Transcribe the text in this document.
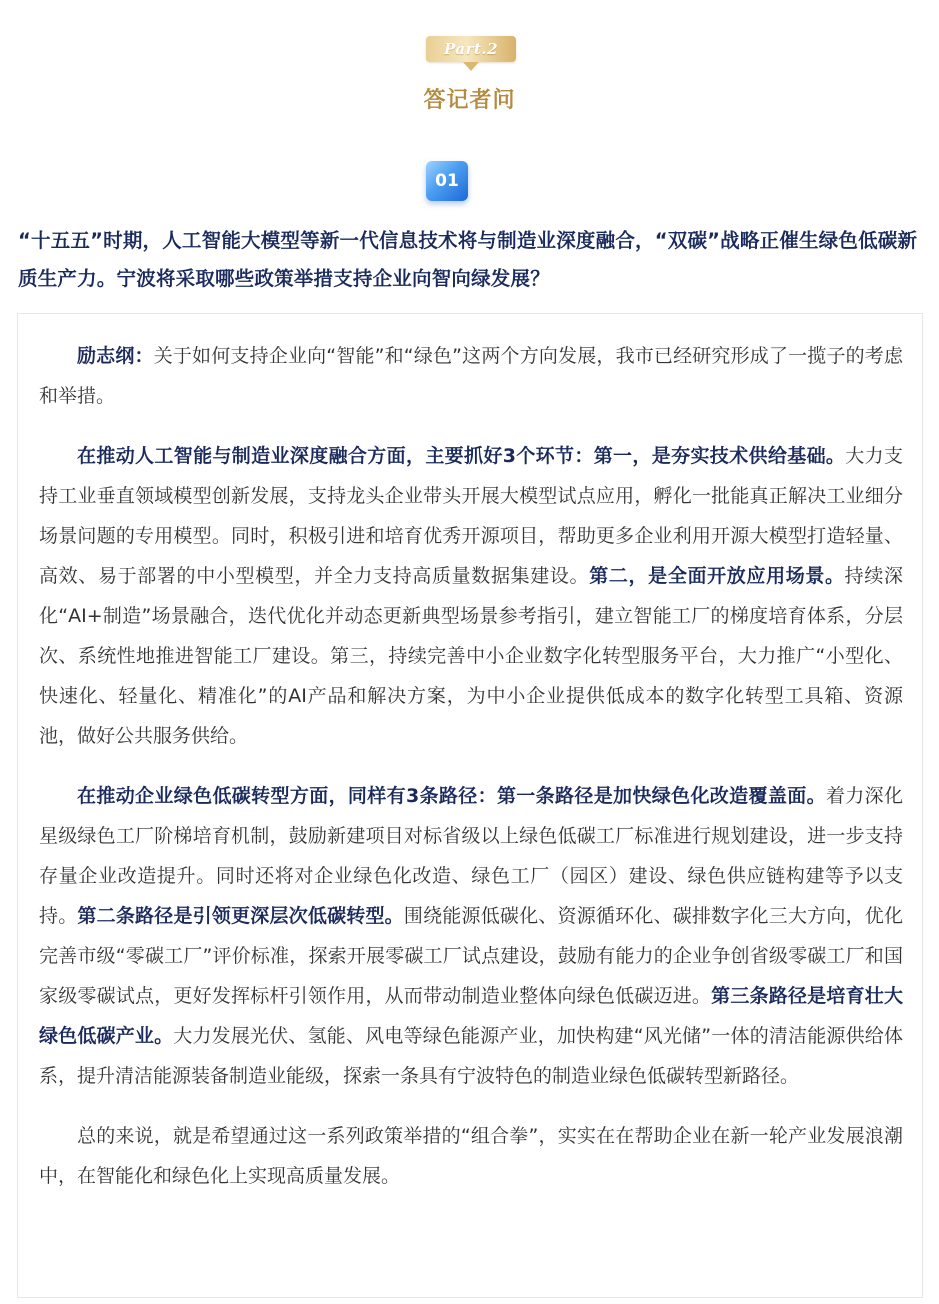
Part.2
答记者问
01

“十五五”时期，人工智能大模型等新一代信息技术将与制造业深度融合，“双碳”战略正催生绿色低碳新质生产力。宁波将采取哪些政策举措支持企业向智向绿发展？

励志纲：关于如何支持企业向“智能”和“绿色”这两个方向发展，我市已经研究形成了一揽子的考虑和举措。

在推动人工智能与制造业深度融合方面，主要抓好3个环节：第一，是夯实技术供给基础。大力支持工业垂直领域模型创新发展，支持龙头企业带头开展大模型试点应用，孵化一批能真正解决工业细分场景问题的专用模型。同时，积极引进和培育优秀开源项目，帮助更多企业利用开源大模型打造轻量、高效、易于部署的中小型模型，并全力支持高质量数据集建设。第二，是全面开放应用场景。持续深化“AI+制造”场景融合，迭代优化并动态更新典型场景参考指引，建立智能工厂的梯度培育体系，分层次、系统性地推进智能工厂建设。第三，持续完善中小企业数字化转型服务平台，大力推广“小型化、快速化、轻量化、精准化”的AI产品和解决方案，为中小企业提供低成本的数字化转型工具箱、资源池，做好公共服务供给。

在推动企业绿色低碳转型方面，同样有3条路径：第一条路径是加快绿色化改造覆盖面。着力深化星级绿色工厂阶梯培育机制，鼓励新建项目对标省级以上绿色低碳工厂标准进行规划建设，进一步支持存量企业改造提升。同时还将对企业绿色化改造、绿色工厂（园区）建设、绿色供应链构建等予以支持。第二条路径是引领更深层次低碳转型。围绕能源低碳化、资源循环化、碳排数字化三大方向，优化完善市级“零碳工厂”评价标准，探索开展零碳工厂试点建设，鼓励有能力的企业争创省级零碳工厂和国家级零碳试点，更好发挥标杆引领作用，从而带动制造业整体向绿色低碳迈进。第三条路径是培育壮大绿色低碳产业。大力发展光伏、氢能、风电等绿色能源产业，加快构建“风光储”一体的清洁能源供给体系，提升清洁能源装备制造业能级，探索一条具有宁波特色的制造业绿色低碳转型新路径。

总的来说，就是希望通过这一系列政策举措的“组合拳”，实实在在帮助企业在新一轮产业发展浪潮中，在智能化和绿色化上实现高质量发展。
